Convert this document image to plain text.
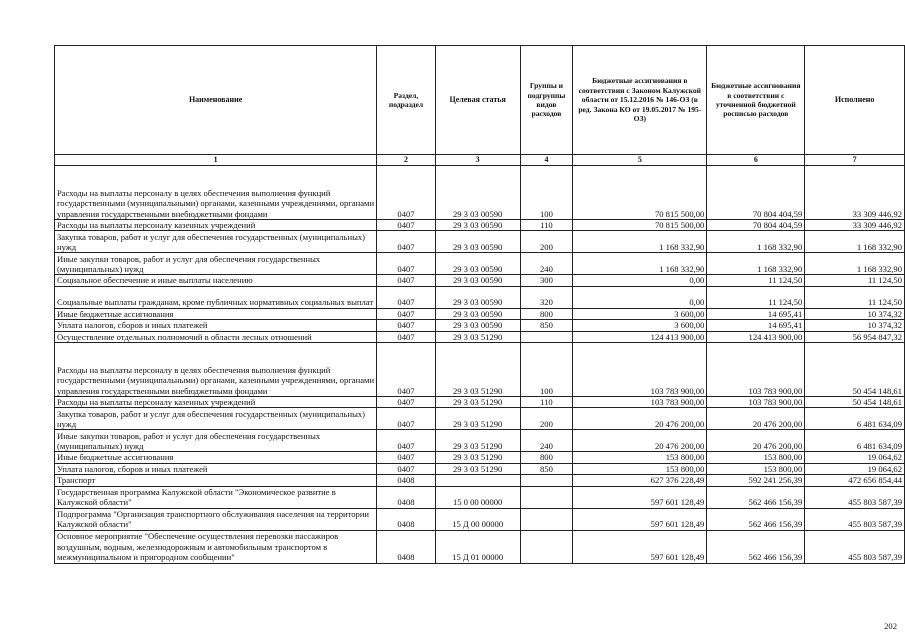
Наименование	Раздел, подраздел	Целевая статья	Группы и подгруппы видов расходов	Бюджетные ассигнования в соответствии с Законом Калужской области от 15.12.2016 № 146-ОЗ (в ред. Закона КО от 19.05.2017 № 195-ОЗ)	Бюджетные ассигнования в соответствии с уточненной бюджетной росписью расходов	Исполнено
1	2	3	4	5	6	7
Расходы на выплаты персоналу в целях обеспечения выполнения функций государственными (муниципальными) органами, казенными учреждениями, органами управления государственными внебюджетными фондами	0407	29 3 03 00590	100	70 815 500,00	70 804 404,59	33 309 446,92
Расходы на выплаты персоналу казенных учреждений	0407	29 3 03 00590	110	70 815 500,00	70 804 404,59	33 309 446,92
Закупка товаров, работ и услуг для обеспечения государственных (муниципальных) нужд	0407	29 3 03 00590	200	1 168 332,90	1 168 332,90	1 168 332,90
Иные закупки товаров, работ и услуг для обеспечения государственных (муниципальных) нужд	0407	29 3 03 00590	240	1 168 332,90	1 168 332,90	1 168 332,90
Социальное обеспечение и иные выплаты населению	0407	29 3 03 00590	300	0,00	11 124,50	11 124,50
Социальные выплаты гражданам, кроме публичных нормативных социальных выплат	0407	29 3 03 00590	320	0,00	11 124,50	11 124,50
Иные бюджетные ассигнования	0407	29 3 03 00590	800	3 600,00	14 695,41	10 374,32
Уплата налогов, сборов и иных платежей	0407	29 3 03 00590	850	3 600,00	14 695,41	10 374,32
Осуществление отдельных полномочий в области лесных отношений	0407	29 3 03 51290		124 413 900,00	124 413 900,00	56 954 847,32
Расходы на выплаты персоналу в целях обеспечения выполнения функций государственными (муниципальными) органами, казенными учреждениями, органами управления государственными внебюджетными фондами	0407	29 3 03 51290	100	103 783 900,00	103 783 900,00	50 454 148,61
Расходы на выплаты персоналу казенных учреждений	0407	29 3 03 51290	110	103 783 900,00	103 783 900,00	50 454 148,61
Закупка товаров, работ и услуг для обеспечения государственных (муниципальных) нужд	0407	29 3 03 51290	200	20 476 200,00	20 476 200,00	6 481 634,09
Иные закупки товаров, работ и услуг для обеспечения государственных (муниципальных) нужд	0407	29 3 03 51290	240	20 476 200,00	20 476 200,00	6 481 634,09
Иные бюджетные ассигнования	0407	29 3 03 51290	800	153 800,00	153 800,00	19 064,62
Уплата налогов, сборов и иных платежей	0407	29 3 03 51290	850	153 800,00	153 800,00	19 064,62
Транспорт	0408			627 376 228,49	592 241 256,39	472 656 854,44
Государственная программа Калужской области "Экономическое развитие в Калужской области"	0408	15 0 00 00000		597 601 128,49	562 466 156,39	455 803 587,39
Подпрограмма "Организация транспортного обслуживания населения на территории Калужской области"	0408	15 Д 00 00000		597 601 128,49	562 466 156,39	455 803 587,39
Основное мероприятие "Обеспечение осуществления перевозки пассажиров воздушным, водным, железнодорожным и автомобильным транспортом в межмуниципальном и пригородном сообщении"	0408	15 Д 01 00000		597 601 128,49	562 466 156,39	455 803 587,39
202
